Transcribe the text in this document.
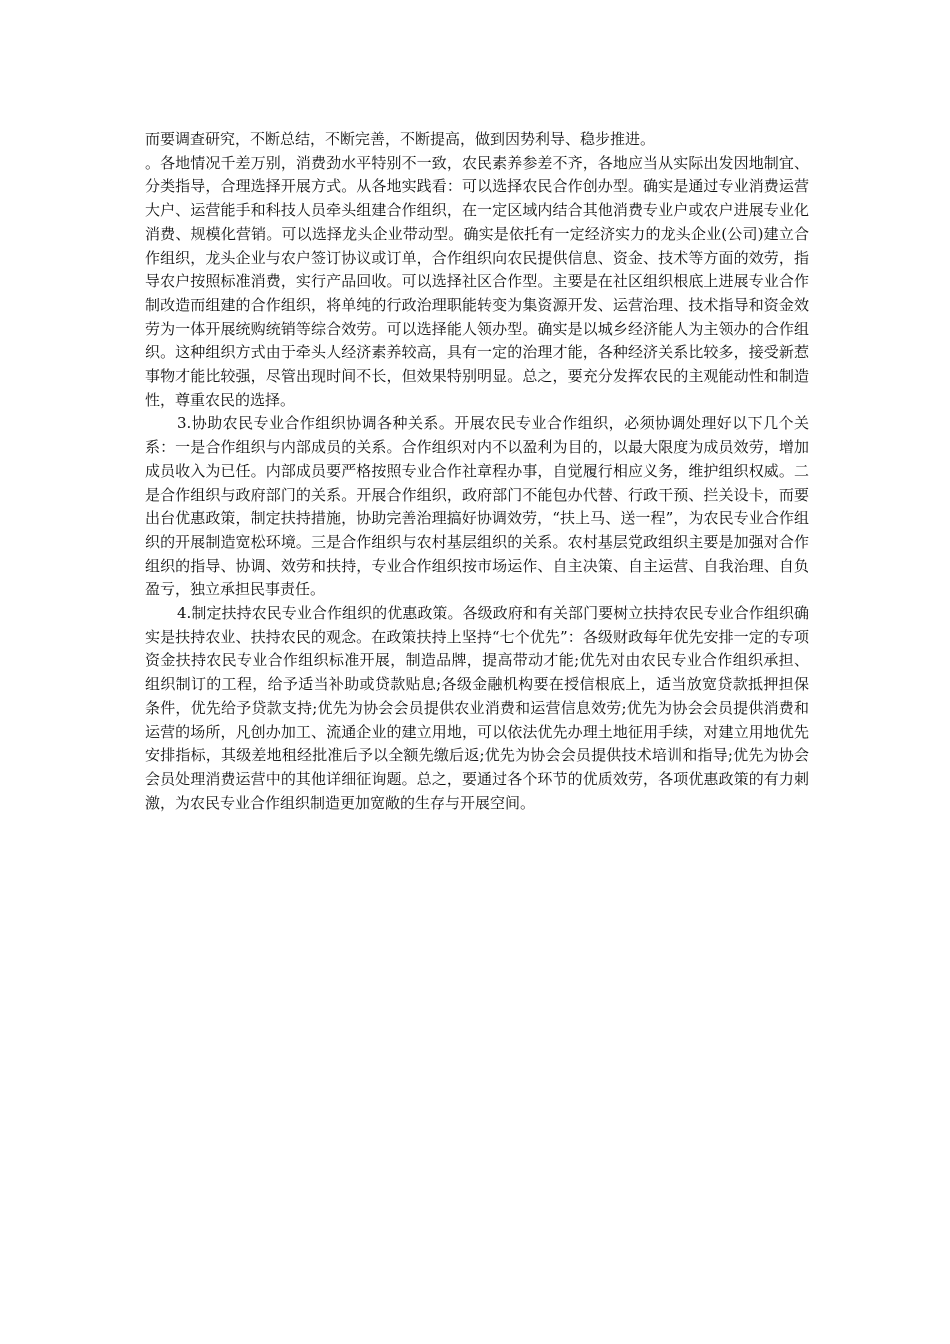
而要调查研究，不断总结，不断完善，不断提高，做到因势利导、稳步推进。

。各地情况千差万别，消费劲水平特别不一致，农民素养参差不齐，各地应当从实际出发因地制宜、分类指导，合理选择开展方式。从各地实践看：可以选择农民合作创办型。确实是通过专业消费运营大户、运营能手和科技人员牵头组建合作组织，在一定区域内结合其他消费专业户或农户进展专业化消费、规模化营销。可以选择龙头企业带动型。确实是依托有一定经济实力的龙头企业(公司)建立合作组织，龙头企业与农户签订协议或订单，合作组织向农民提供信息、资金、技术等方面的效劳，指导农户按照标准消费，实行产品回收。可以选择社区合作型。主要是在社区组织根底上进展专业合作制改造而组建的合作组织，将单纯的行政治理职能转变为集资源开发、运营治理、技术指导和资金效劳为一体开展统购统销等综合效劳。可以选择能人领办型。确实是以城乡经济能人为主领办的合作组织。这种组织方式由于牵头人经济素养较高，具有一定的治理才能，各种经济关系比较多，接受新惹事物才能比较强，尽管出现时间不长，但效果特别明显。总之，要充分发挥农民的主观能动性和制造性，尊重农民的选择。

3.协助农民专业合作组织协调各种关系。开展农民专业合作组织，必须协调处理好以下几个关系：一是合作组织与内部成员的关系。合作组织对内不以盈利为目的，以最大限度为成员效劳，增加成员收入为已任。内部成员要严格按照专业合作社章程办事，自觉履行相应义务，维护组织权威。二是合作组织与政府部门的关系。开展合作组织，政府部门不能包办代替、行政干预、拦关设卡，而要出台优惠政策，制定扶持措施，协助完善治理搞好协调效劳，“扶上马、送一程”，为农民专业合作组织的开展制造宽松环境。三是合作组织与农村基层组织的关系。农村基层党政组织主要是加强对合作组织的指导、协调、效劳和扶持，专业合作组织按市场运作、自主决策、自主运营、自我治理、自负盈亏，独立承担民事责任。

4.制定扶持农民专业合作组织的优惠政策。各级政府和有关部门要树立扶持农民专业合作组织确实是扶持农业、扶持农民的观念。在政策扶持上坚持“七个优先”：各级财政每年优先安排一定的专项资金扶持农民专业合作组织标准开展，制造品牌，提高带动才能;优先对由农民专业合作组织承担、组织制订的工程，给予适当补助或贷款贴息;各级金融机构要在授信根底上，适当放宽贷款抵押担保条件，优先给予贷款支持;优先为协会会员提供农业消费和运营信息效劳;优先为协会会员提供消费和运营的场所，凡创办加工、流通企业的建立用地，可以依法优先办理土地征用手续，对建立用地优先安排指标，其级差地租经批准后予以全额先缴后返;优先为协会会员提供技术培训和指导;优先为协会会员处理消费运营中的其他详细征询题。总之，要通过各个环节的优质效劳，各项优惠政策的有力刺激，为农民专业合作组织制造更加宽敞的生存与开展空间。
